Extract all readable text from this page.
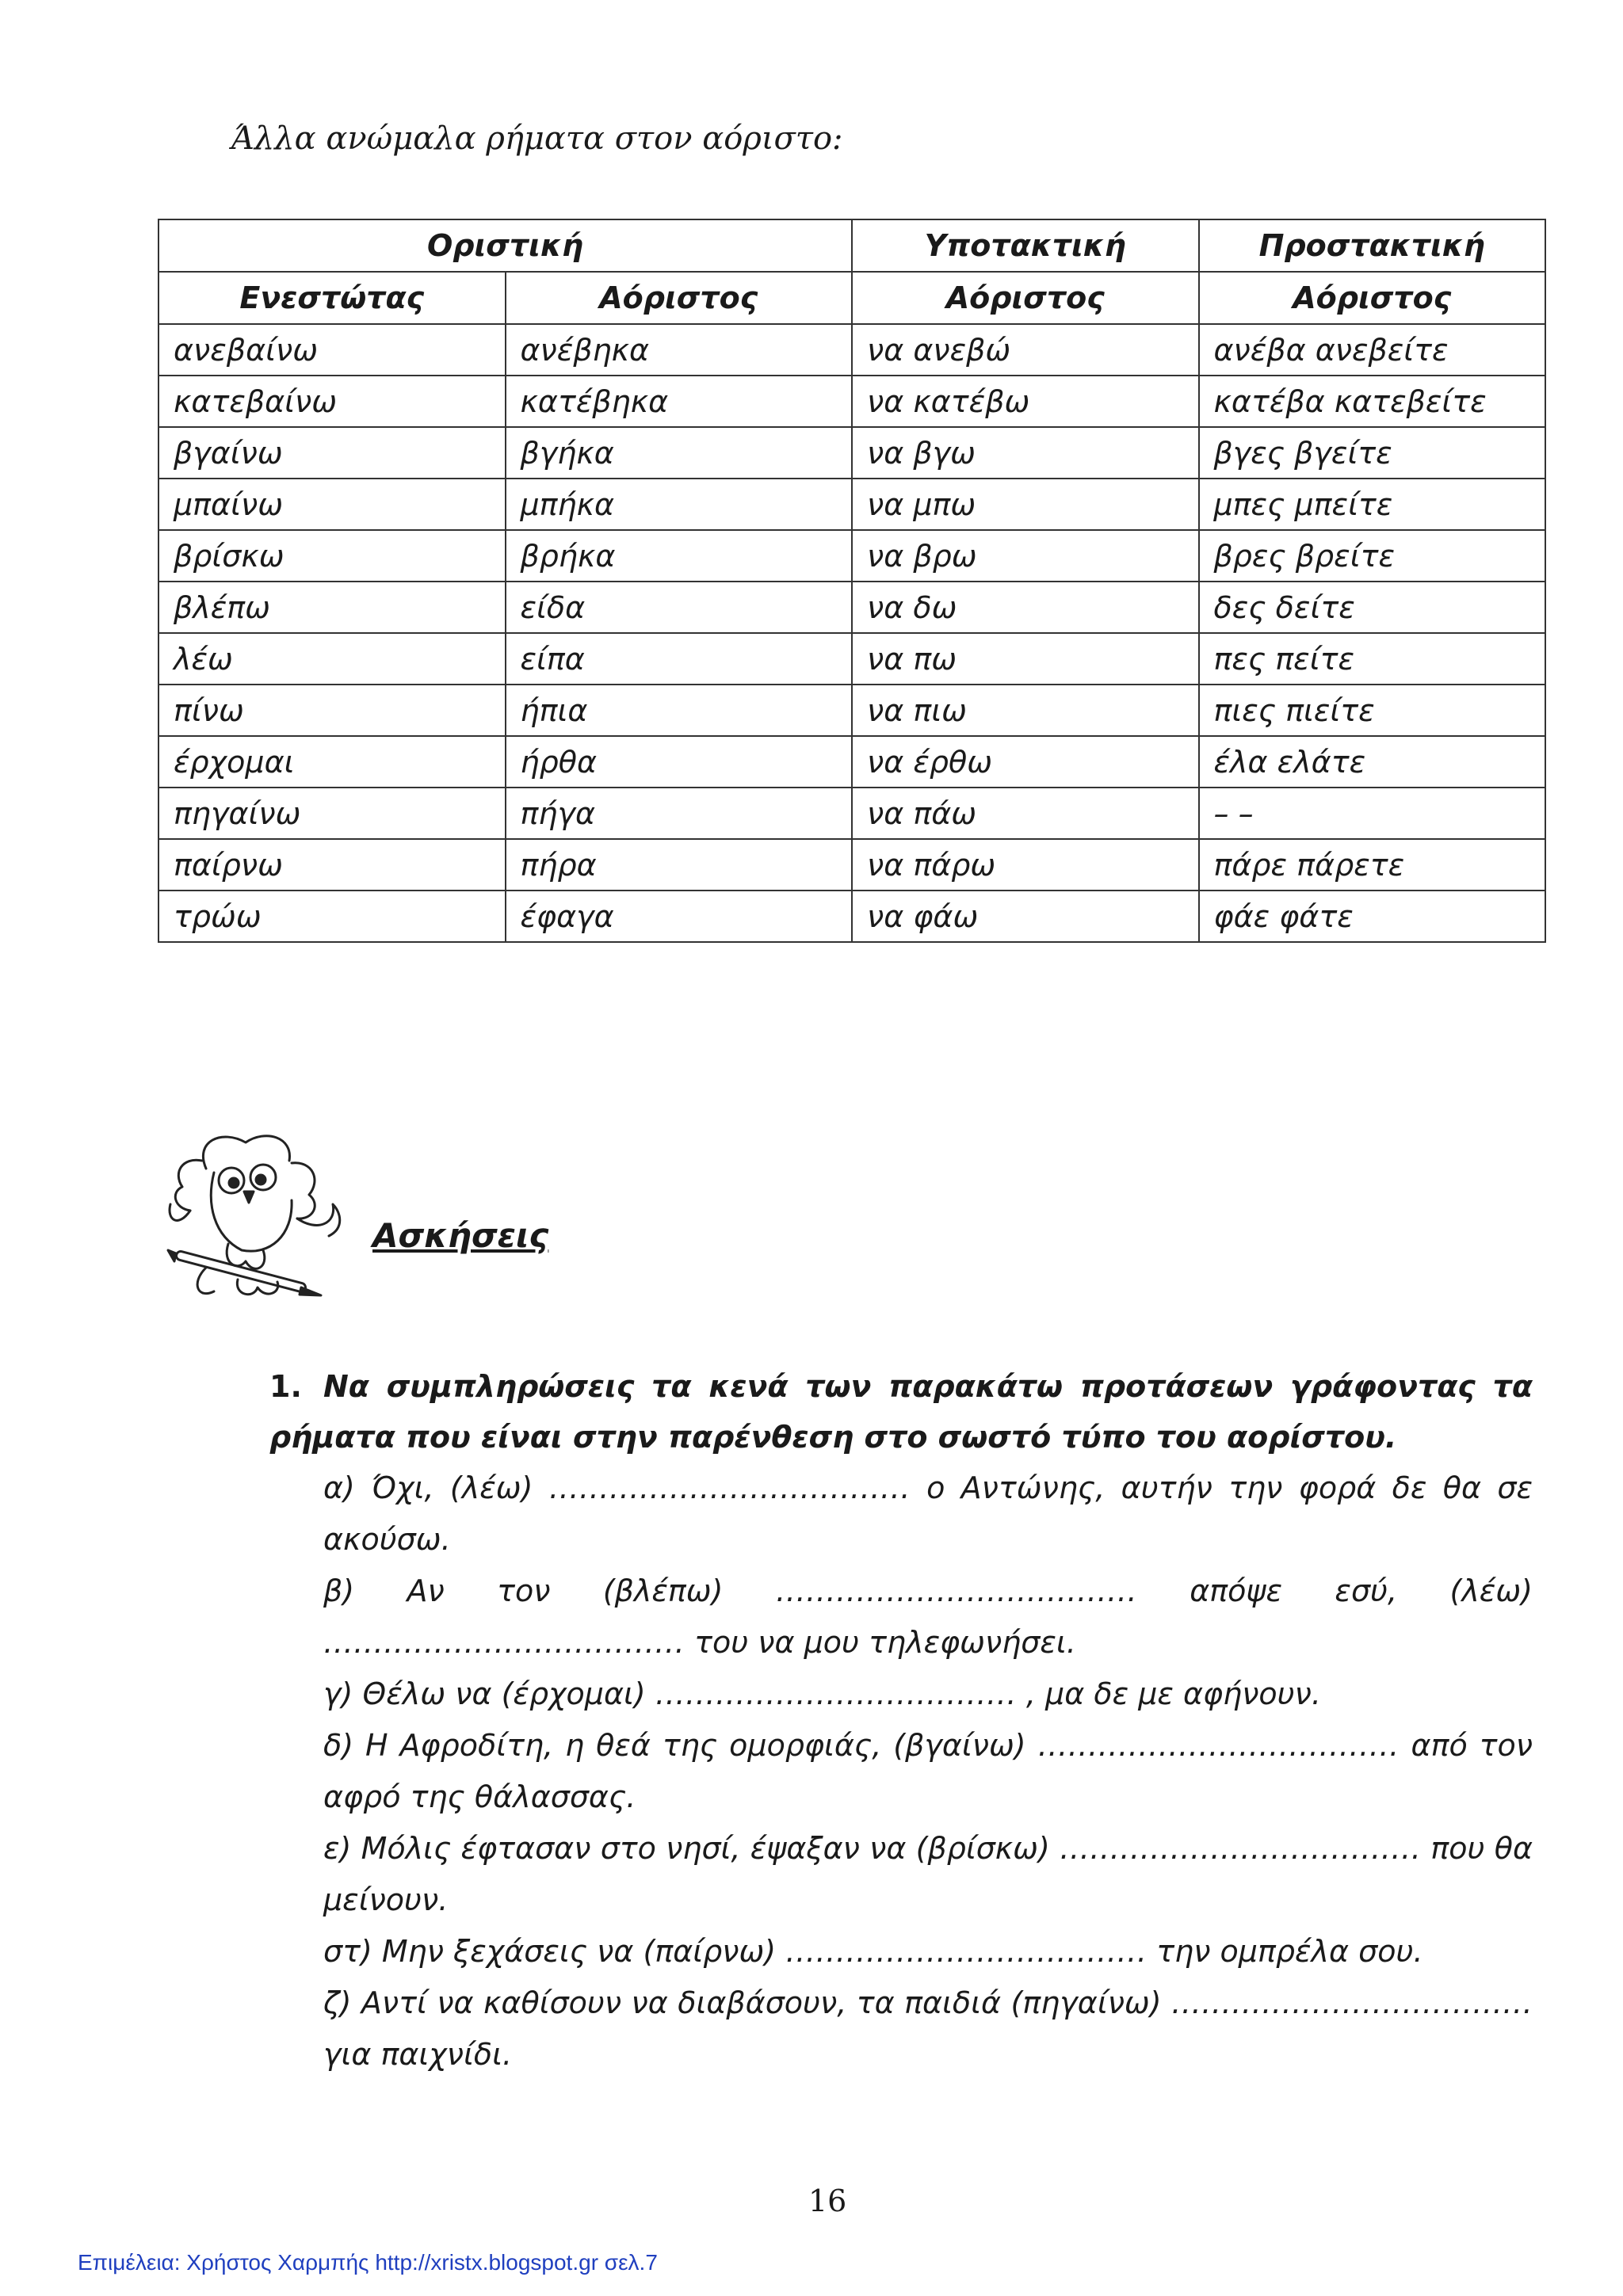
Άλλα ανώμαλα ρήματα στον αόριστο:
Οριστική		Υποτακτική	Προστακτική
Ενεστώτας	Αόριστος	Αόριστος	Αόριστος
ανεβαίνω	ανέβηκα	να ανεβώ	ανέβα ανεβείτε
κατεβαίνω	κατέβηκα	να κατέβω	κατέβα κατεβείτε
βγαίνω	βγήκα	να βγω	βγες βγείτε
μπαίνω	μπήκα	να μπω	μπες μπείτε
βρίσκω	βρήκα	να βρω	βρες βρείτε
βλέπω	είδα	να δω	δες δείτε
λέω	είπα	να πω	πες πείτε
πίνω	ήπια	να πιω	πιες πιείτε
έρχομαι	ήρθα	να έρθω	έλα ελάτε
πηγαίνω	πήγα	να πάω	– –
παίρνω	πήρα	να πάρω	πάρε πάρετε
τρώω	έφαγα	να φάω	φάε φάτε
Ασκήσεις
1. Να συμπληρώσεις τα κενά των παρακάτω προτάσεων γράφοντας τα ρήματα που είναι στην παρένθεση στο σωστό τύπο του αορίστου.
α) Όχι, (λέω) ……………………………… ο Αντώνης, αυτήν την φορά δε θα σε ακούσω.
β) Αν τον (βλέπω) ……………………………… απόψε εσύ, (λέω) ……………………………… του να μου τηλεφωνήσει.
γ) Θέλω να (έρχομαι) ……………………………… , μα δε με αφήνουν.
δ) Η Αφροδίτη, η θεά της ομορφιάς, (βγαίνω) ……………………………… από τον αφρό της θάλασσας.
ε) Μόλις έφτασαν στο νησί, έψαξαν να (βρίσκω) ……………………………… που θα μείνουν.
στ) Μην ξεχάσεις να (παίρνω) ……………………………… την ομπρέλα σου.
ζ) Αντί να καθίσουν να διαβάσουν, τα παιδιά (πηγαίνω) ……………………………… για παιχνίδι.
16
Επιμέλεια: Χρήστος Χαρμπής http://xristx.blogspot.gr σελ.7
